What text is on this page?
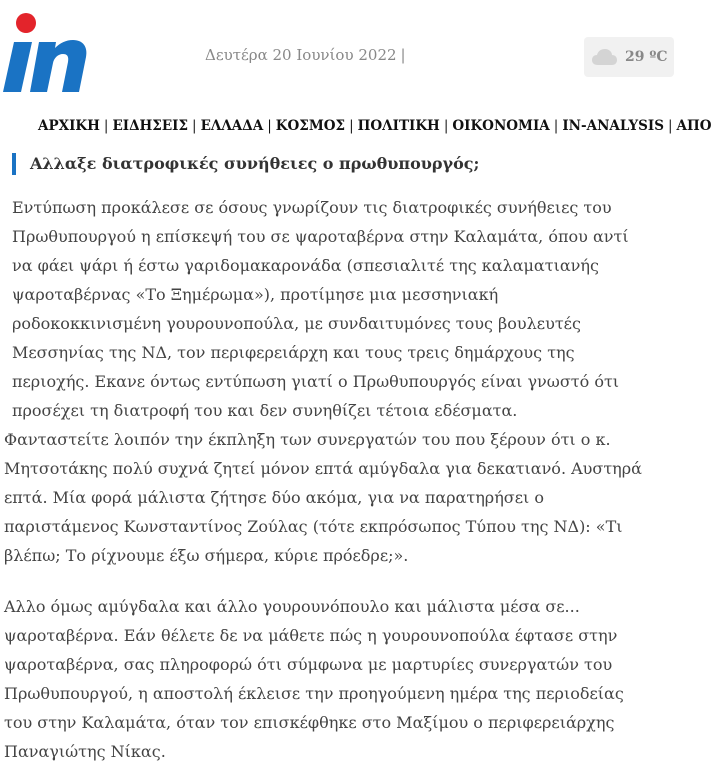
Δευτέρα 20 Ιουνίου 2022 |	29 ºC
ΑΡΧΙΚΗ | ΕΙΔΗΣΕΙΣ | ΕΛΛΑΔΑ | ΚΟΣΜΟΣ | ΠΟΛΙΤΙΚΗ | ΟΙΚΟΝΟΜΙΑ | IN-ANALYSIS | ΑΠΟ
Αλλαξε διατροφικές συνήθειες ο πρωθυπουργός;

Εντύπωση προκάλεσε σε όσους γνωρίζουν τις διατροφικές συνήθειες του Πρωθυπουργού η επίσκεψή του σε ψαροταβέρνα στην Καλαμάτα, όπου αντί να φάει ψάρι ή έστω γαριδομακαρονάδα (σπεσιαλιτέ της καλαματιανής ψαροταβέρνας «Το Ξημέρωμα»), προτίμησε μια μεσσηνιακή ροδοκοκκινισμένη γουρουνοπούλα, με συνδαιτυμόνες τους βουλευτές Μεσσηνίας της ΝΔ, τον περιφερειάρχη και τους τρεις δημάρχους της περιοχής. Εκανε όντως εντύπωση γιατί ο Πρωθυπουργός είναι γνωστό ότι προσέχει τη διατροφή του και δεν συνηθίζει τέτοια εδέσματα.

Φανταστείτε λοιπόν την έκπληξη των συνεργατών του που ξέρουν ότι ο κ. Μητσοτάκης πολύ συχνά ζητεί μόνον επτά αμύγδαλα για δεκατιανό. Αυστηρά επτά. Μία φορά μάλιστα ζήτησε δύο ακόμα, για να παρατηρήσει ο παριστάμενος Κωνσταντίνος Ζούλας (τότε εκπρόσωπος Τύπου της ΝΔ): «Τι βλέπω; Το ρίχνουμε έξω σήμερα, κύριε πρόεδρε;».

Αλλο όμως αμύγδαλα και άλλο γουρουνόπουλο και μάλιστα μέσα σε... ψαροταβέρνα. Εάν θέλετε δε να μάθετε πώς η γουρουνοπούλα έφτασε στην ψαροταβέρνα, σας πληροφορώ ότι σύμφωνα με μαρτυρίες συνεργατών του Πρωθυπουργού, η αποστολή έκλεισε την προηγούμενη ημέρα της περιοδείας του στην Καλαμάτα, όταν τον επισκέφθηκε στο Μαξίμου ο περιφερειάρχης Παναγιώτης Νίκας.
